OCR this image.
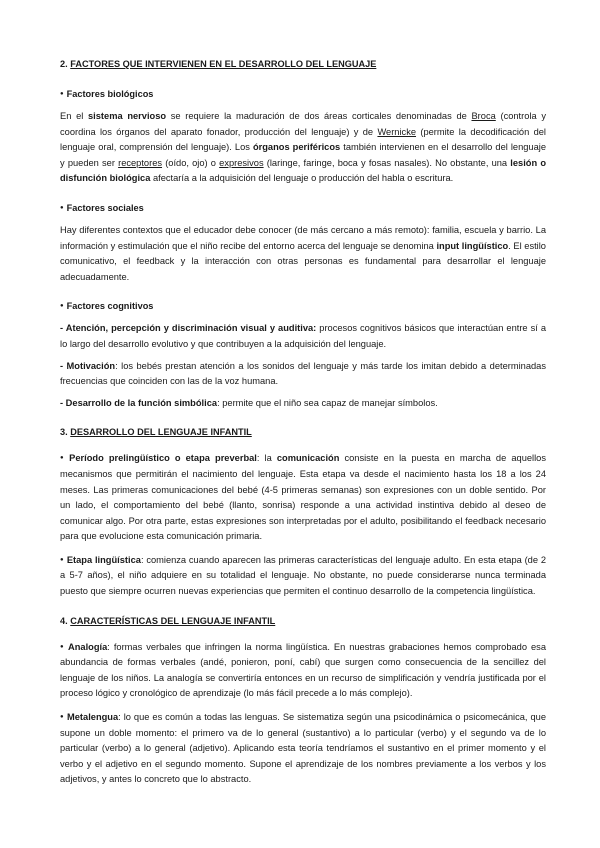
2. FACTORES QUE INTERVIENEN EN EL DESARROLLO DEL LENGUAJE
● Factores biológicos

En el sistema nervioso se requiere la maduración de dos áreas corticales denominadas de Broca (controla y coordina los órganos del aparato fonador, producción del lenguaje) y de Wernicke (permite la decodificación del lenguaje oral, comprensión del lenguaje). Los órganos periféricos también intervienen en el desarrollo del lenguaje y pueden ser receptores (oído, ojo) o expresivos (laringe, faringe, boca y fosas nasales). No obstante, una lesión o disfunción biológica afectaría a la adquisición del lenguaje o producción del habla o escritura.

● Factores sociales

Hay diferentes contextos que el educador debe conocer (de más cercano a más remoto): familia, escuela y barrio. La información y estimulación que el niño recibe del entorno acerca del lenguaje se denomina input lingüístico. El estilo comunicativo, el feedback y la interacción con otras personas es fundamental para desarrollar el lenguaje adecuadamente.

● Factores cognitivos

- Atención, percepción y discriminación visual y auditiva: procesos cognitivos básicos que interactúan entre sí a lo largo del desarrollo evolutivo y que contribuyen a la adquisición del lenguaje.

- Motivación: los bebés prestan atención a los sonidos del lenguaje y más tarde los imitan debido a determinadas frecuencias que coinciden con las de la voz humana.

- Desarrollo de la función simbólica: permite que el niño sea capaz de manejar símbolos.

3. DESARROLLO DEL LENGUAJE INFANTIL

● Período prelingüístico o etapa preverbal: la comunicación consiste en la puesta en marcha de aquellos mecanismos que permitirán el nacimiento del lenguaje. Esta etapa va desde el nacimiento hasta los 18 a los 24 meses. Las primeras comunicaciones del bebé (4-5 primeras semanas) son expresiones con un doble sentido. Por un lado, el comportamiento del bebé (llanto, sonrisa) responde a una actividad instintiva debido al deseo de comunicar algo. Por otra parte, estas expresiones son interpretadas por el adulto, posibilitando el feedback necesario para que evolucione esta comunicación primaria.

● Etapa lingüística: comienza cuando aparecen las primeras características del lenguaje adulto. En esta etapa (de 2 a 5-7 años), el niño adquiere en su totalidad el lenguaje. No obstante, no puede considerarse nunca terminada puesto que siempre ocurren nuevas experiencias que permiten el continuo desarrollo de la competencia lingüística.

4. CARACTERÍSTICAS DEL LENGUAJE INFANTIL

● Analogía: formas verbales que infringen la norma lingüística. En nuestras grabaciones hemos comprobado esa abundancia de formas verbales (andé, ponieron, poní, cabí) que surgen como consecuencia de la sencillez del lenguaje de los niños. La analogía se convertiría entonces en un recurso de simplificación y vendría justificada por el proceso lógico y cronológico de aprendizaje (lo más fácil precede a lo más complejo).

● Metalengua: lo que es común a todas las lenguas. Se sistematiza según una psicodinámica o psicomecánica, que supone un doble momento: el primero va de lo general (sustantivo) a lo particular (verbo) y el segundo va de lo particular (verbo) a lo general (adjetivo). Aplicando esta teoría tendríamos el sustantivo en el primer momento y el verbo y el adjetivo en el segundo momento. Supone el aprendizaje de los nombres previamente a los verbos y los adjetivos, y antes lo concreto que lo abstracto.
